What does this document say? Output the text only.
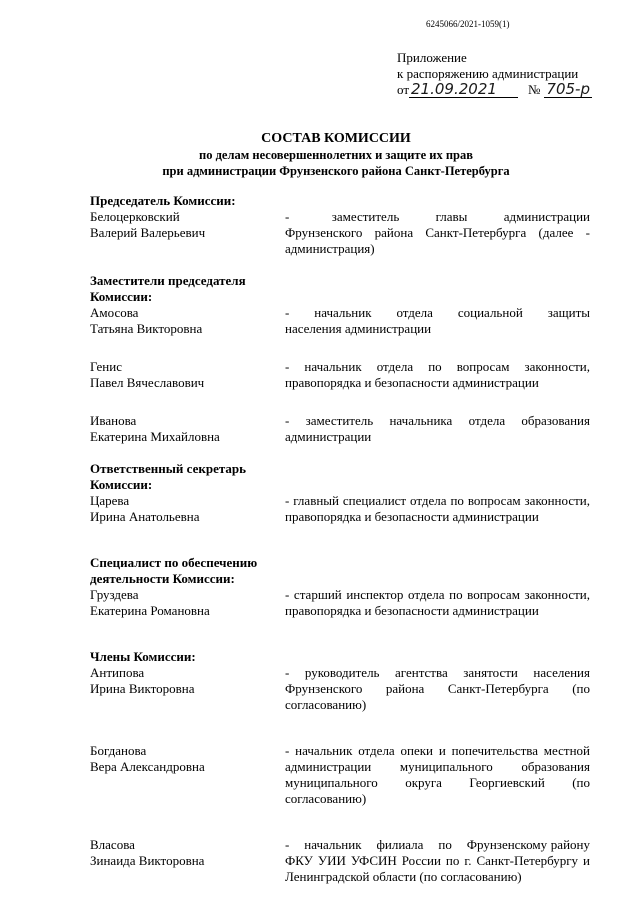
6245066/2021-1059(1)
Приложение
к распоряжению администрации
от 21.09.2021	№ 705-р
СОСТАВ КОМИССИИ
по делам несовершеннолетних и защите их прав
при администрации Фрунзенского района Санкт-Петербурга
Председатель Комиссии:
Белоцерковский
Валерий Валерьевич
-       заместитель      главы      администрации Фрунзенского района Санкт-Петербурга (далее - администрация)
Заместители председателя Комиссии:
Амосова
Татьяна Викторовна
-    начальник    отдела    социальной    защиты населения администрации
Генис
Павел Вячеславович
- начальник отдела по вопросам законности, правопорядка и безопасности администрации
Иванова
Екатерина Михайловна
- заместитель начальника отдела образования администрации
Ответственный секретарь Комиссии:
Царева
Ирина Анатольевна
- главный специалист отдела по вопросам законности, правопорядка и безопасности администрации
Специалист по обеспечению деятельности Комиссии:
Груздева
Екатерина Романовна
- старший инспектор отдела по вопросам законности, правопорядка и безопасности администрации
Члены Комиссии:
Антипова
Ирина Викторовна
- руководитель агентства занятости населения Фрунзенского района Санкт-Петербурга (по согласованию)
Богданова
Вера Александровна
- начальник отдела опеки и попечительства местной администрации муниципального образования муниципального округа Георгиевский (по согласованию)
Власова
Зинаида Викторовна
-    начальник    филиала    по    Фрунзенскому району ФКУ УИИ УФСИН России по г. Санкт-Петербургу и Ленинградской области (по согласованию)
